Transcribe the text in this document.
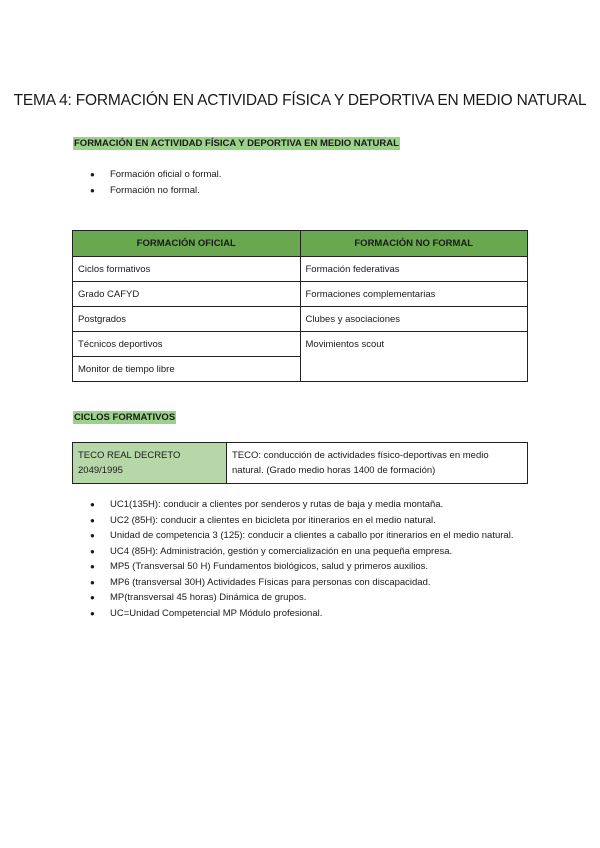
TEMA 4: FORMACIÓN EN ACTIVIDAD FÍSICA Y DEPORTIVA EN MEDIO NATURAL
FORMACIÓN EN ACTIVIDAD FÍSICA Y DEPORTIVA EN MEDIO NATURAL
● Formación oficial o formal.
● Formación no formal.
FORMACIÓN OFICIAL	FORMACIÓN NO FORMAL
Ciclos formativos	Formación federativas
Grado CAFYD	Formaciones complementarias
Postgrados	Clubes y asociaciones
Técnicos deportivos	Movimientos scout
Monitor de tiempo libre	
CICLOS FORMATIVOS
TECO REAL DECRETO 2049/1995	TECO: conducción de actividades físico-deportivas en medio natural. (Grado medio horas 1400 de formación)
● UC1(135H): conducir a clientes por senderos y rutas de baja y media montaña.
● UC2 (85H): conducir a clientes en bicicleta por itinerarios en el medio natural.
● Unidad de competencia 3 (125): conducir a clientes a caballo por itinerarios en el medio natural.
● UC4 (85H): Administración, gestión y comercialización en una pequeña empresa.
● MP5 (Transversal 50 H) Fundamentos biológicos, salud y primeros auxilios.
● MP6 (transversal 30H) Actividades Físicas para personas con discapacidad.
● MP(transversal 45 horas) Dinámica de grupos.
● UC=Unidad Competencial MP Módulo profesional.
